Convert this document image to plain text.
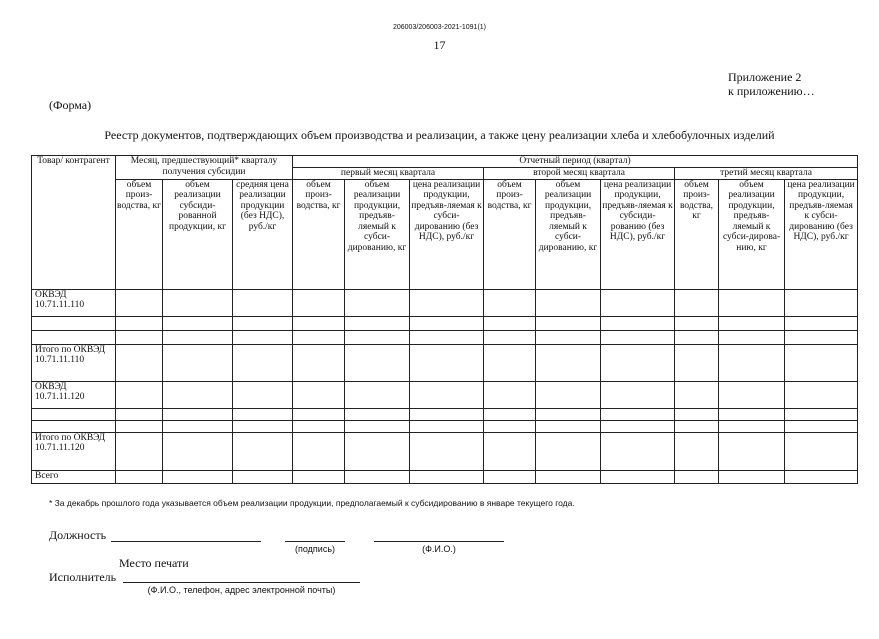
206003/206003-2021-1091(1)
17
Приложение 2
к приложению…
(Форма)
Реестр документов, подтверждающих объем производства и реализации, а также цену реализации хлеба и хлебобулочных изделий
Товар/ контрагент	Месяц, предшествующий* кварталу получения субсидии			Отчетный период (квартал)								
				первый месяц квартала			второй месяц квартала			третий месяц квартала		
	объем произ-водства, кг	объем реализации субсиди-рованной продукции, кг	средняя цена реализации продукции (без НДС), руб./кг	объем произ-водства, кг	объем реализации продукции, предъяв-ляемый к субси-дированию, кг	цена реализации продукции, предъяв-ляемая к субси-дированию (без НДС), руб./кг	объем произ-водства, кг	объем реализации продукции, предъяв-ляемый к субси-дированию, кг	цена реализации продукции, предъяв-ляемая к субсиди-рованию (без НДС), руб./кг	объем произ-водства, кг	объем реализации продукции, предъяв-ляемый к субси-дирова-нию, кг	цена реализации продукции, предъяв-ляемая к субси-дированию (без НДС), руб./кг
ОКВЭД 10.71.11.110												

Итого по ОКВЭД 10.71.11.110												
ОКВЭД 10.71.11.120												

Итого по ОКВЭД 10.71.11.120												
Всего												
* За декабрь прошлого года указывается объем реализации продукции, предполагаемый к субсидированию в январе текущего года.
Должность
(подпись)	(Ф.И.О.)
Место печати
Исполнитель
(Ф.И.О., телефон, адрес электронной почты)
